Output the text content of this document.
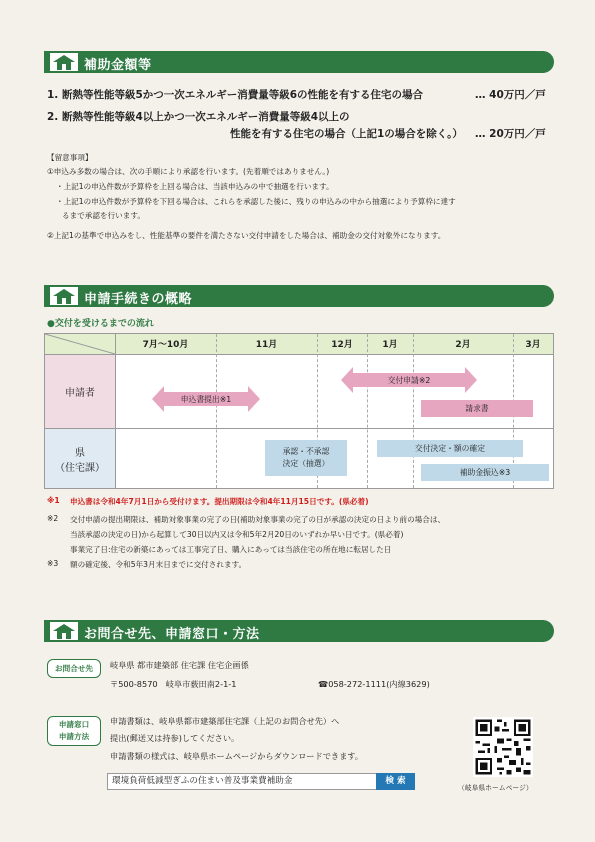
補助金額等
1. 断熱等性能等級5かつ一次エネルギー消費量等級6の性能を有する住宅の場合	… 40万円／戸
2. 断熱等性能等級4以上かつ一次エネルギー消費量等級4以上の
性能を有する住宅の場合（上記1の場合を除く。） … 20万円／戸
【留意事項】
①申込み多数の場合は、次の手順により承認を行います。(先着順ではありません。)
・上記1の申込件数が予算枠を上回る場合は、当該申込みの中で抽選を行います。
・上記1の申込件数が予算枠を下回る場合は、これらを承認した後に、残りの申込みの中から抽選により予算枠に達す
るまで承認を行います。
②上記1の基準で申込みをし、性能基準の要件を満たさない交付申請をした場合は、補助金の交付対象外になります。
申請手続きの概略
●交付を受けるまでの流れ
7月～10月	11月	12月	1月	2月	3月
申請者
県
（住宅課）
申込書提出※1
交付申請※2
請求書
承認・不承認
決定（抽選）
交付決定・額の確定
補助金振込※3
※1 申込書は令和4年7月1日から受付けます。提出期限は令和4年11月15日です。(県必着)
※2 交付申請の提出期限は、補助対象事業の完了の日(補助対象事業の完了の日が承認の決定の日より前の場合は、
当該承認の決定の日)から起算して30日以内又は令和5年2月20日のいずれか早い日です。(県必着)
事業完了日:住宅の新築にあっては工事完了日、購入にあっては当該住宅の所在地に転居した日
※3 額の確定後、令和5年3月末日までに交付されます。
お問合せ先、申請窓口・方法
お問合せ先	岐阜県 都市建築部 住宅課 住宅企画係
〒500-8570　岐阜市薮田南2-1-1	☎058-272-1111(内線3629)
申請窓口
申請方法
申請書類は、岐阜県都市建築部住宅課（上記のお問合せ先）へ
提出(郵送又は持参)してください。
申請書類の様式は、岐阜県ホームページからダウンロードできます。
環境負荷低減型ぎふの住まい普及事業費補助金	検 索
（岐阜県ホームページ）
